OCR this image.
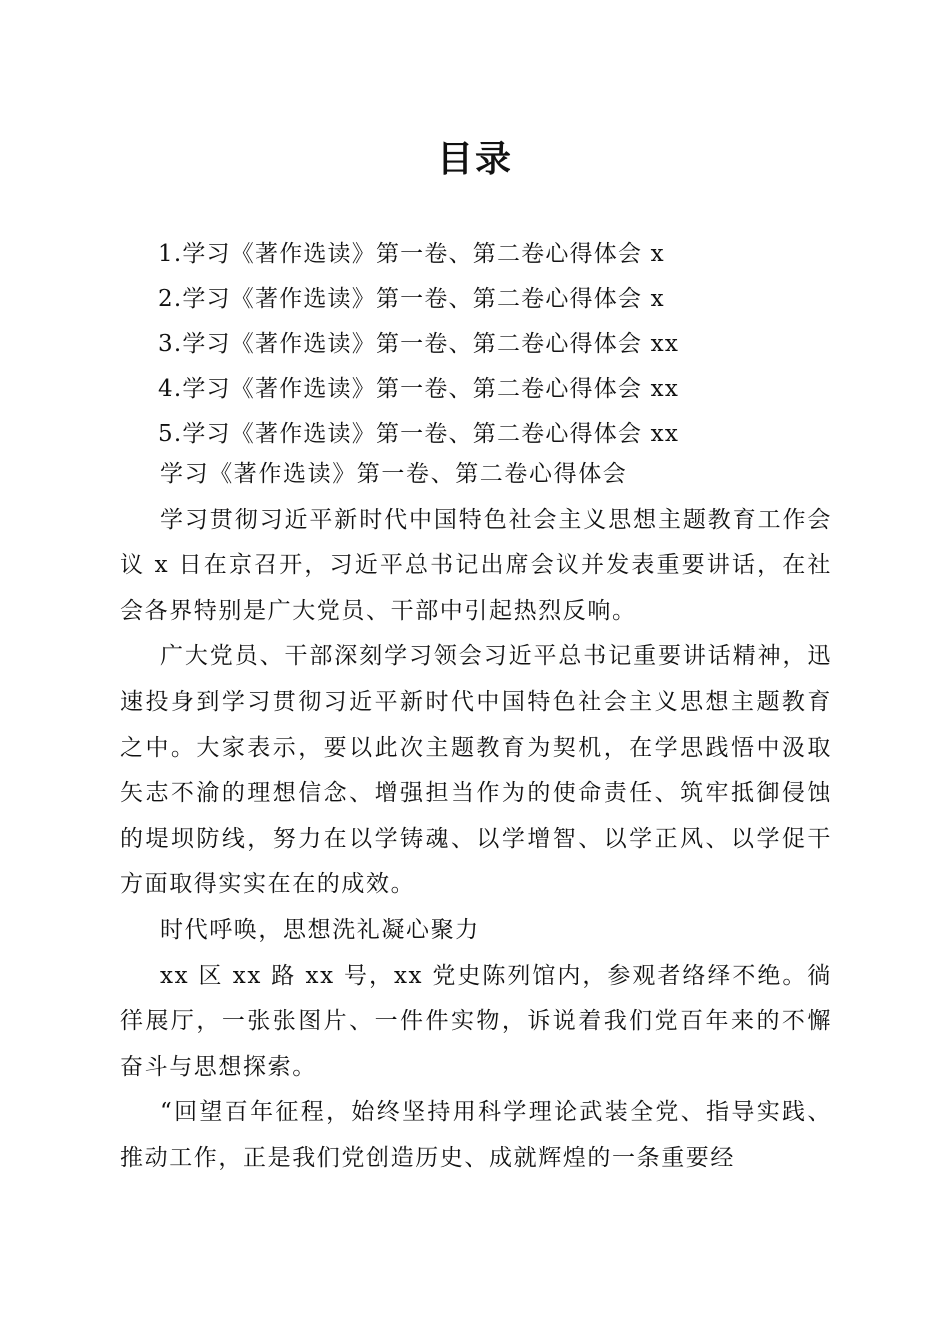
目录
1.学习《著作选读》第一卷、第二卷心得体会 x
2.学习《著作选读》第一卷、第二卷心得体会 x
3.学习《著作选读》第一卷、第二卷心得体会 xx
4.学习《著作选读》第一卷、第二卷心得体会 xx
5.学习《著作选读》第一卷、第二卷心得体会 xx

学习《著作选读》第一卷、第二卷心得体会

学习贯彻习近平新时代中国特色社会主义思想主题教育工作会议 x 日在京召开，习近平总书记出席会议并发表重要讲话，在社会各界特别是广大党员、干部中引起热烈反响。

广大党员、干部深刻学习领会习近平总书记重要讲话精神，迅速投身到学习贯彻习近平新时代中国特色社会主义思想主题教育之中。大家表示，要以此次主题教育为契机，在学思践悟中汲取矢志不渝的理想信念、增强担当作为的使命责任、筑牢抵御侵蚀的堤坝防线，努力在以学铸魂、以学增智、以学正风、以学促干方面取得实实在在的成效。

时代呼唤，思想洗礼凝心聚力

xx 区 xx 路 xx 号，xx 党史陈列馆内，参观者络绎不绝。徜徉展厅，一张张图片、一件件实物，诉说着我们党百年来的不懈奋斗与思想探索。

“回望百年征程，始终坚持用科学理论武装全党、指导实践、推动工作，正是我们党创造历史、成就辉煌的一条重要经
